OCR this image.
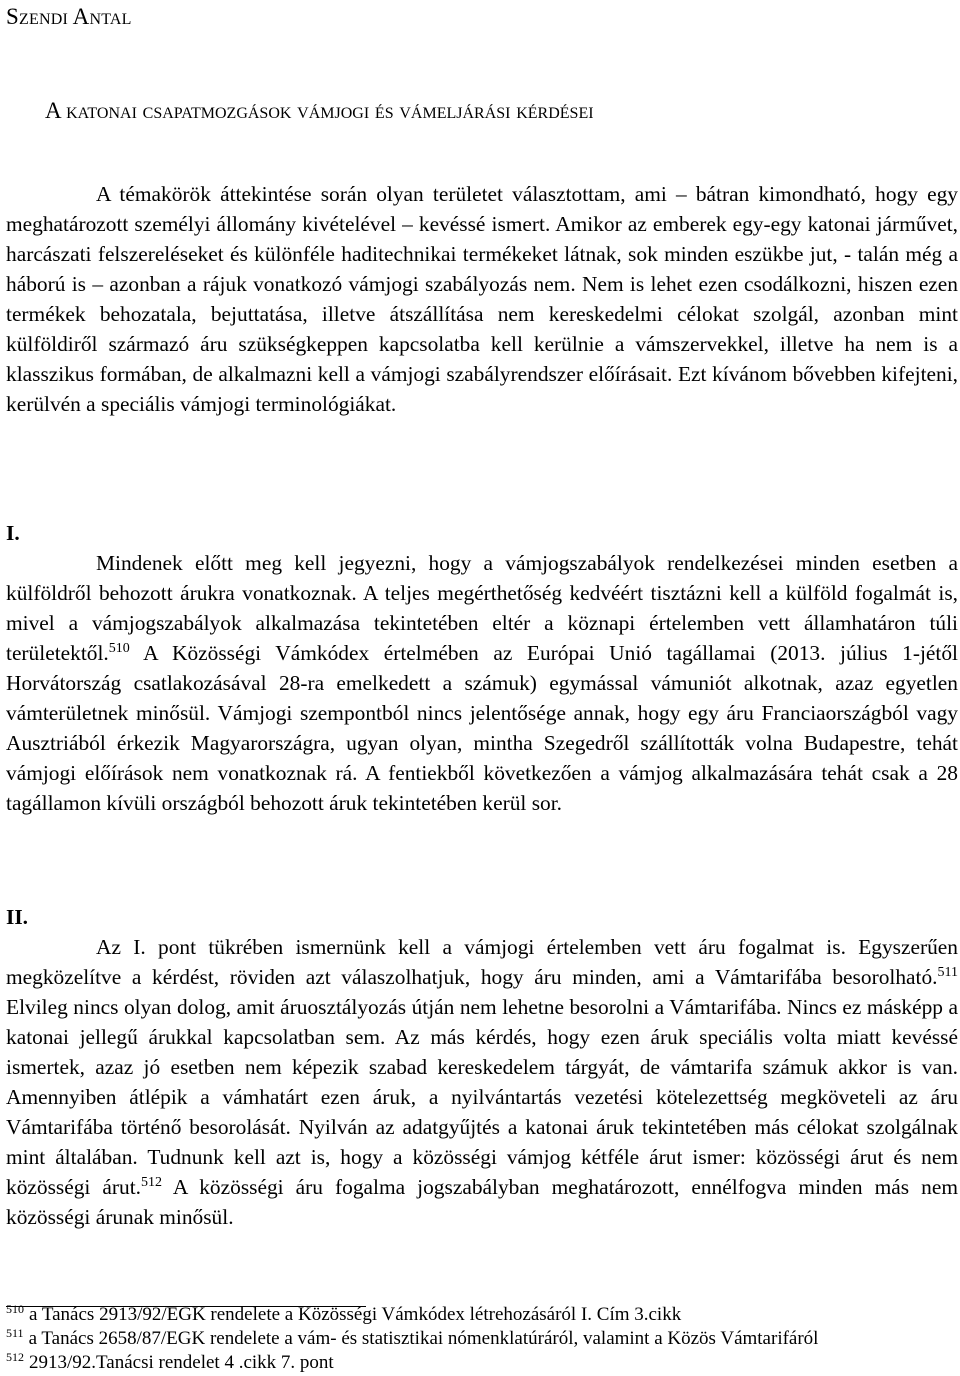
Szendi Antal
A katonai csapatmozgások vámjogi és vámeljárási kérdései

A témakörök áttekintése során olyan területet választottam, ami – bátran kimondható, hogy egy meghatározott személyi állomány kivételével – kevéssé ismert. Amikor az emberek egy-egy katonai járművet, harcászati felszereléseket és különféle haditechnikai termékeket látnak, sok minden eszükbe jut, - talán még a háború is – azonban a rájuk vonatkozó vámjogi szabályozás nem. Nem is lehet ezen csodálkozni, hiszen ezen termékek behozatala, bejuttatása, illetve átszállítása nem kereskedelmi célokat szolgál, azonban mint külföldiről származó áru szükségkeppen kapcsolatba kell kerülnie a vámszervekkel, illetve ha nem is a klasszikus formában, de alkalmazni kell a vámjogi szabályrendszer előírásait. Ezt kívánom bővebben kifejteni, kerülvén a speciális vámjogi terminológiákat.

I.

Mindenek előtt meg kell jegyezni, hogy a vámjogszabályok rendelkezései minden esetben a külföldről behozott árukra vonatkoznak. A teljes megérthetőség kedvéért tisztázni kell a külföld fogalmát is, mivel a vámjogszabályok alkalmazása tekintetében eltér a köznapi értelemben vett államhatáron túli területektől.$^{510}$ A Közösségi Vámkódex értelmében az Európai Unió tagállamai (2013. július 1-jétől Horvátország csatlakozásával 28-ra emelkedett a számuk) egymással vámuniót alkotnak, azaz egyetlen vámterületnek minősül. Vámjogi szempontból nincs jelentősége annak, hogy egy áru Franciaországból vagy Ausztriából érkezik Magyarországra, ugyan olyan, mintha Szegedről szállították volna Budapestre, tehát vámjogi előírások nem vonatkoznak rá. A fentiekből következően a vámjog alkalmazására tehát csak a 28 tagállamon kívüli országból behozott áruk tekintetében kerül sor.

II.

Az I. pont tükrében ismernünk kell a vámjogi értelemben vett áru fogalmat is. Egyszerűen megközelítve a kérdést, röviden azt válaszolhatjuk, hogy áru minden, ami a Vámtarifába besorolható.$^{511}$ Elvileg nincs olyan dolog, amit áruosztályozás útján nem lehetne besorolni a Vámtarifába. Nincs ez másképp a katonai jellegű árukkal kapcsolatban sem. Az más kérdés, hogy ezen áruk speciális volta miatt kevéssé ismertek, azaz jó esetben nem képezik szabad kereskedelem tárgyát, de vámtarifa számuk akkor is van. Amennyiben átlépik a vámhatárt ezen áruk, a nyilvántartás vezetési kötelezettség megköveteli az áru Vámtarifába történő besorolását. Nyilván az adatgyűjtés a katonai áruk tekintetében más célokat szolgálnak mint általában. Tudnunk kell azt is, hogy a közösségi vámjog kétféle árut ismer: közösségi árut és nem közösségi árut.$^{512}$ A közösségi áru fogalma jogszabályban meghatározott, ennélfogva minden más nem közösségi árunak minősül.

$^{510}$ a Tanács 2913/92/EGK rendelete a Közösségi Vámkódex létrehozásáról I. Cím 3.cikk
$^{511}$ a Tanács 2658/87/EGK rendelete a vám- és statisztikai nómenklatúráról, valamint a Közös Vámtarifáról
$^{512}$ 2913/92.Tanácsi rendelet 4 .cikk 7. pont
